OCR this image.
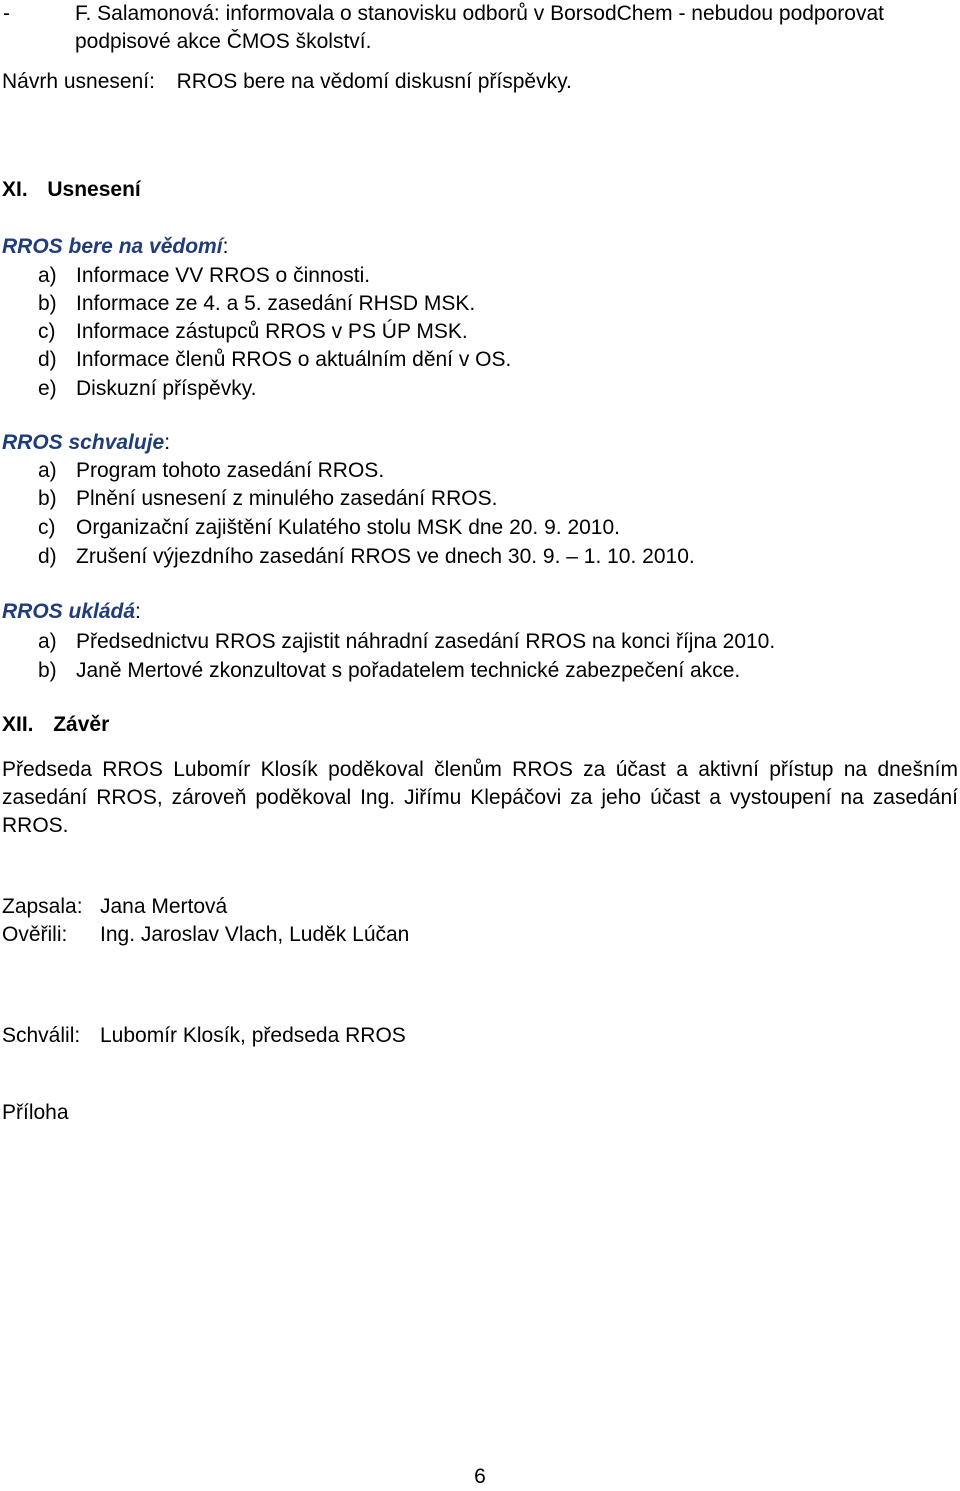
-	F. Salamonová: informovala o stanovisku odborů v BorsodChem - nebudou podporovat
podpisové akce ČMOS školství.
Návrh usnesení: RROS bere na vědomí diskusní příspěvky.
XI. Usnesení
RROS bere na vědomí:
a) Informace VV RROS o činnosti.
b) Informace ze 4. a 5. zasedání RHSD MSK.
c) Informace zástupců RROS v PS ÚP MSK.
d) Informace členů RROS o aktuálním dění v OS.
e) Diskuzní příspěvky.
RROS schvaluje:
a) Program tohoto zasedání RROS.
b) Plnění usnesení z minulého zasedání RROS.
c) Organizační zajištění Kulatého stolu MSK dne 20. 9. 2010.
d) Zrušení výjezdního zasedání RROS ve dnech 30. 9. – 1. 10. 2010.
RROS ukládá:
a) Předsednictvu RROS zajistit náhradní zasedání RROS na konci října 2010.
b) Janě Mertové zkonzultovat s pořadatelem technické zabezpečení akce.
XII. Závěr
Předseda RROS Lubomír Klosík poděkoval členům RROS za účast a aktivní přístup na dnešním zasedání RROS, zároveň poděkoval Ing. Jiřímu Klepáčovi za jeho účast a vystoupení na zasedání RROS.
Zapsala: Jana Mertová
Ověřili: Ing. Jaroslav Vlach, Luděk Lúčan
Schválil: Lubomír Klosík, předseda RROS
Příloha
6
